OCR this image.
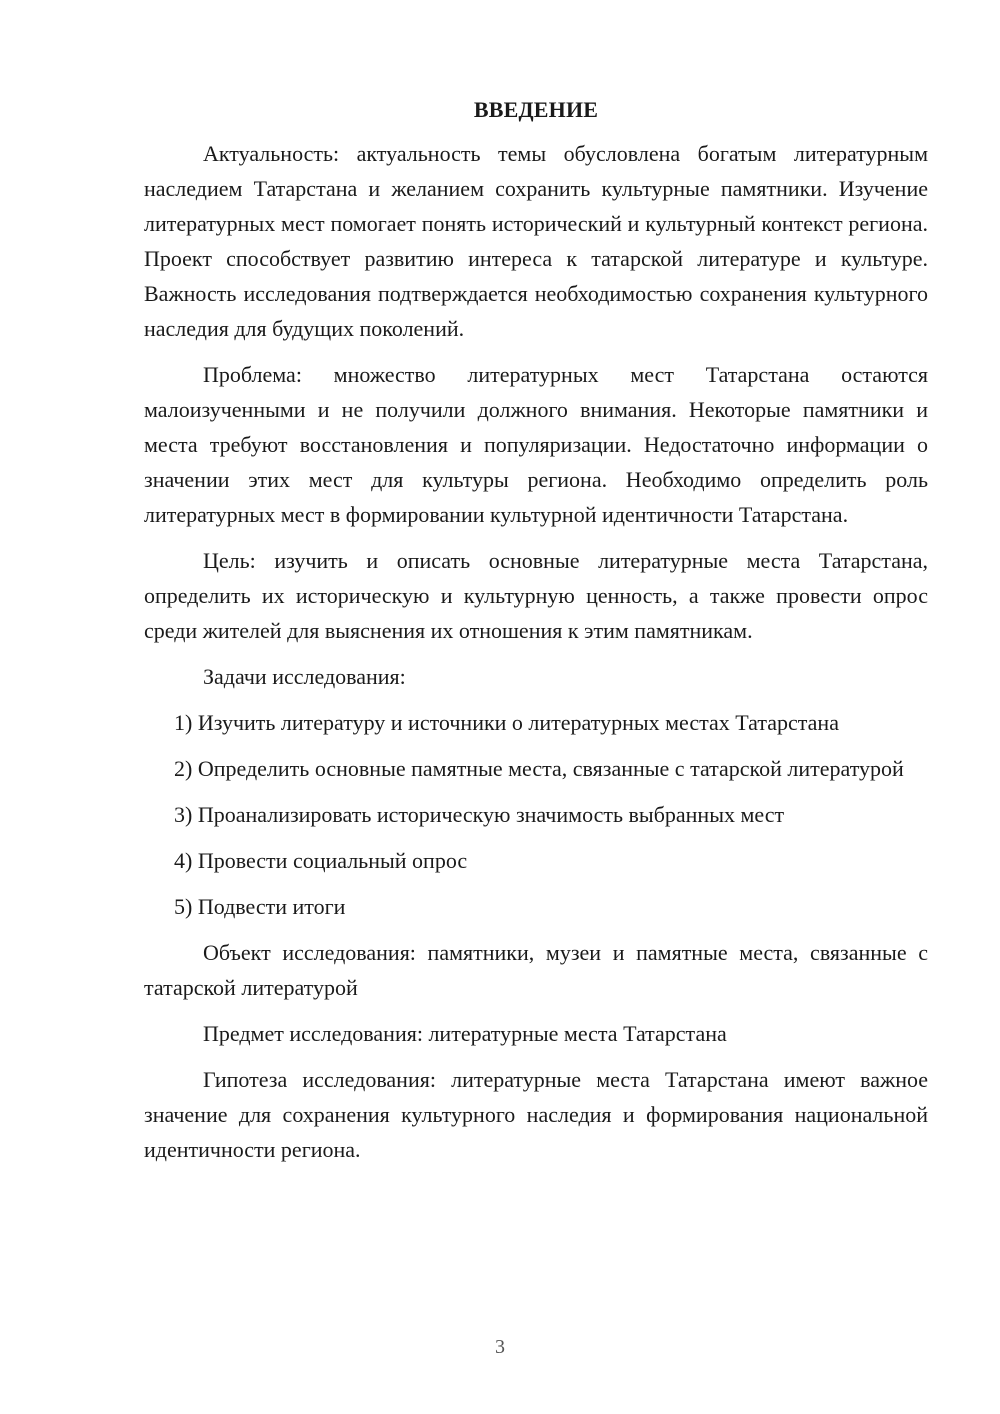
ВВЕДЕНИЕ

Актуальность: актуальность темы обусловлена богатым литературным наследием Татарстана и желанием сохранить культурные памятники. Изучение литературных мест помогает понять исторический и культурный контекст региона. Проект способствует развитию интереса к татарской литературе и культуре. Важность исследования подтверждается необходимостью сохранения культурного наследия для будущих поколений.

Проблема: множество литературных мест Татарстана остаются малоизученными и не получили должного внимания. Некоторые памятники и места требуют восстановления и популяризации. Недостаточно информации о значении этих мест для культуры региона. Необходимо определить роль литературных мест в формировании культурной идентичности Татарстана.

Цель: изучить и описать основные литературные места Татарстана, определить их историческую и культурную ценность, а также провести опрос среди жителей для выяснения их отношения к этим памятникам.

Задачи исследования:

1) Изучить литературу и источники о литературных местах Татарстана

2) Определить основные памятные места, связанные с татарской литературой

3) Проанализировать историческую значимость выбранных мест

4) Провести социальный опрос

5) Подвести итоги

Объект исследования: памятники, музеи и памятные места, связанные с татарской литературой

Предмет исследования: литературные места Татарстана

Гипотеза исследования: литературные места Татарстана имеют важное значение для сохранения культурного наследия и формирования национальной идентичности региона.

3
